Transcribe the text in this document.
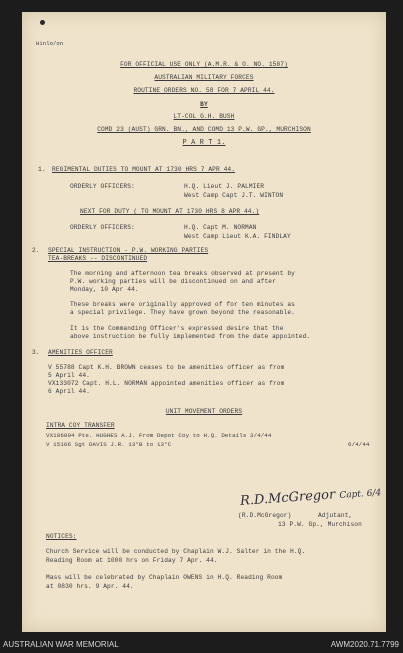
Hinlo/on
FOR OFFICIAL USE ONLY (A.M.R. & O. NO. 1587)
AUSTRALIAN MILITARY FORCES
ROUTINE ORDERS NO. 58 FOR 7 APRIL 44.
BY
LT-COL G.H. BUSH
COMD 23 (AUST) GRN. BN., AND COMD 13 P.W. GP., MURCHISON
P A R T 1.
1. REGIMENTAL DUTIES TO MOUNT AT 1730 HRS 7 APR 44.
ORDERLY OFFICERS:	H.Q. Lieut J. PALMIER
West Camp Capt J.T. WINTON
NEXT FOR DUTY ( TO MOUNT AT 1730 HRS 8 APR 44.)
ORDERLY OFFICERS:	H.Q. Capt M. NORMAN
West Camp Lieut K.A. FINDLAY
2. SPECIAL INSTRUCTION - P.W. WORKING PARTIES
TEA-BREAKS -- DISCONTINUED
The morning and afternoon tea breaks observed at present by
P.W. working parties will be discontinued on and after
Monday, 10 Apr 44.
These breaks were originally approved of for ten minutes as
a special privilege. They have grown beyond the reasonable.
It is the Commanding Officer's expressed desire that the
above instruction be fully implemented from the date appointed.
3. AMENITIES OFFICER
V 55788 Capt K.H. BROWN ceases to be amenities officer as from
5 April 44.
VX133072 Capt. H.L. NORMAN appointed amenities officer as from
6 April 44.
UNIT MOVEMENT ORDERS
INTRA COY TRANSFER
VX106094 Pte. HUGHES A.J. From Depot Coy to H.Q. Details 3/4/44
V 15166 Sgt DAVIS J.R. 13°B to 13°C	6/4/44
R.D.McGregor Capt. 6/4
(R.D.McGregor)	Adjutant,
13 P.W. Gp., Murchison
NOTICES:
Church Service will be conducted by Chaplain W.J. Salter in the H.Q.
Reading Room at 1000 hrs on Friday 7 Apr. 44.
Mass will be celebrated by Chaplain OWENS in H.Q. Reading Room
at 0830 hrs. 9 Apr. 44.
AUSTRALIAN WAR MEMORIAL	AWM2020.71.7799
